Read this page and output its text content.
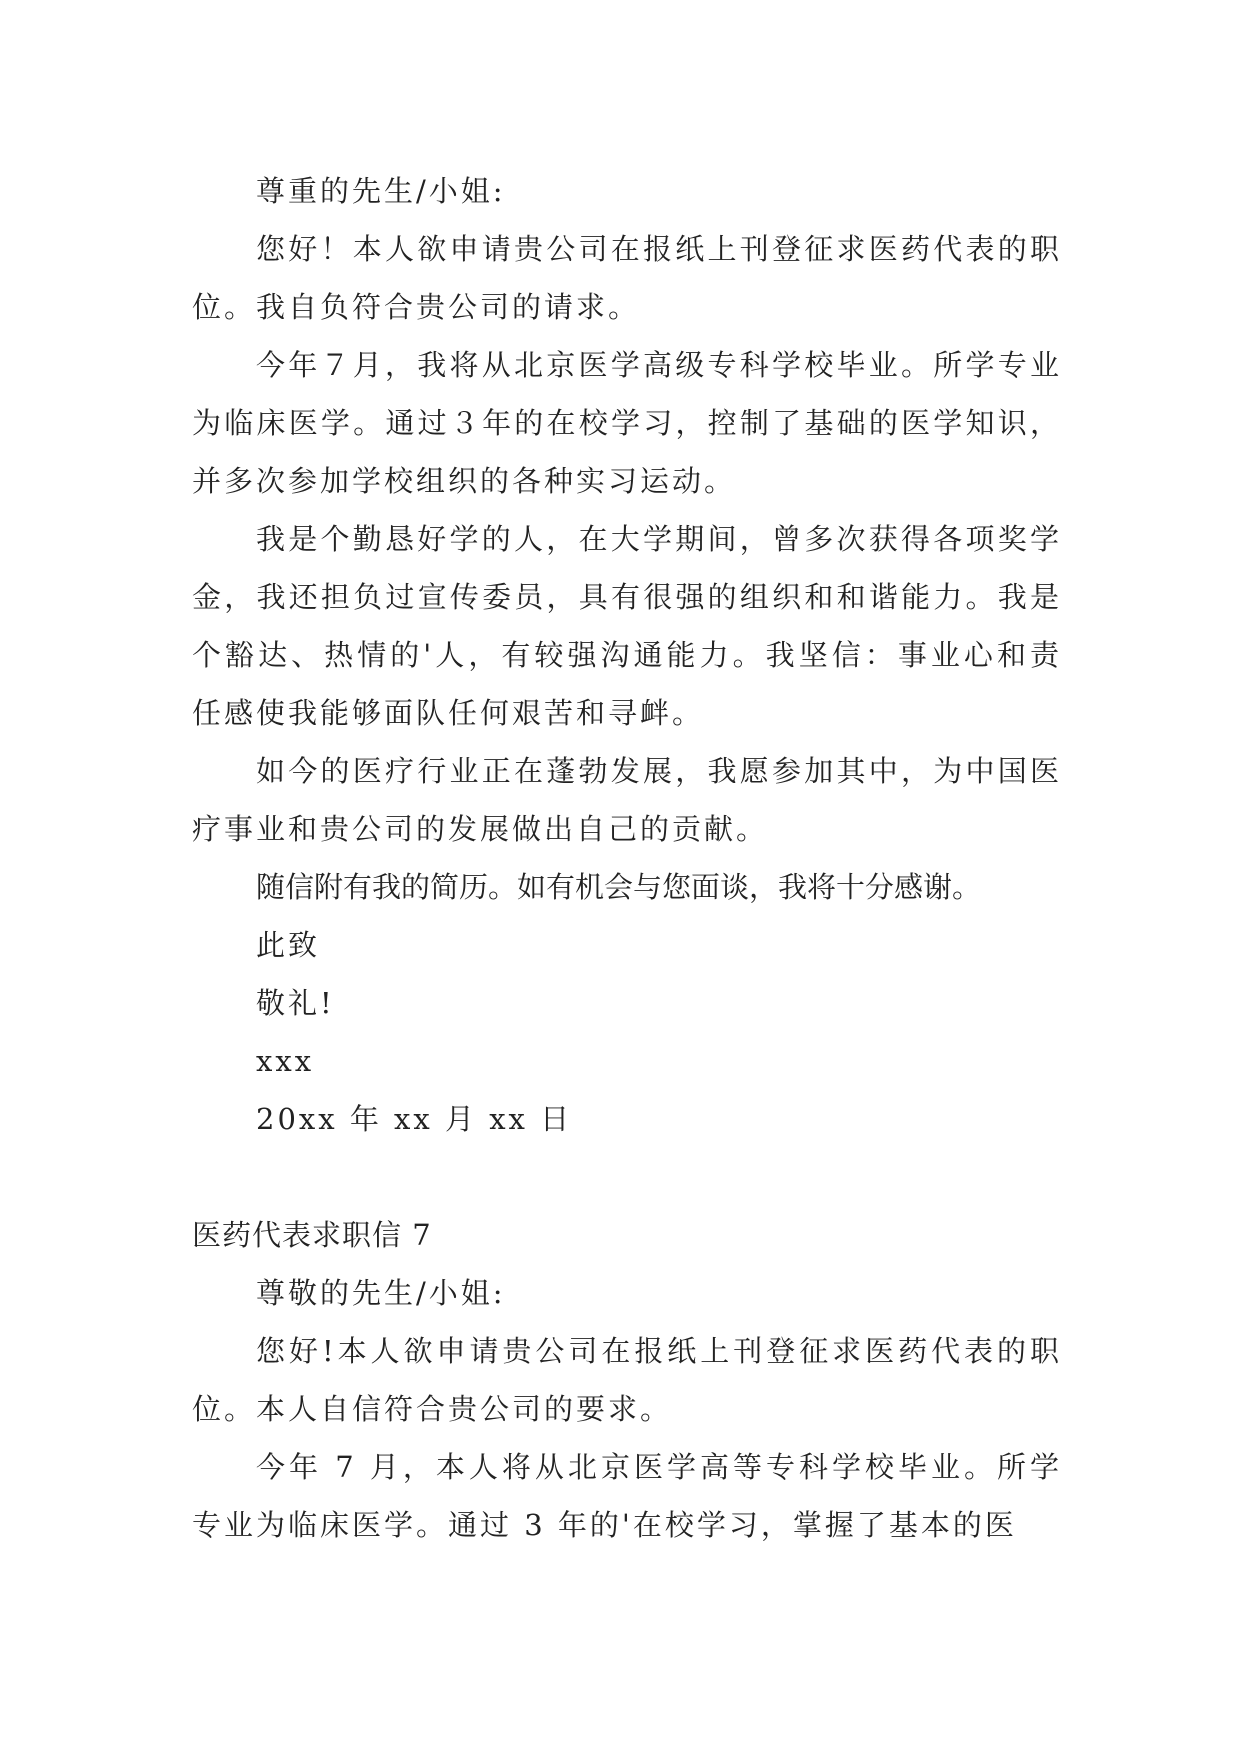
尊重的先生/小姐:

您好！本人欲申请贵公司在报纸上刊登征求医药代表的职位。我自负符合贵公司的请求。

今年７月，我将从北京医学高级专科学校毕业。所学专业为临床医学。通过３年的在校学习，控制了基础的医学知识，并多次参加学校组织的各种实习运动。

我是个勤恳好学的人，在大学期间，曾多次获得各项奖学金，我还担负过宣传委员，具有很强的组织和和谐能力。我是个豁达、热情的'人，有较强沟通能力。我坚信：事业心和责任感使我能够面队任何艰苦和寻衅。

如今的医疗行业正在蓬勃发展，我愿参加其中，为中国医疗事业和贵公司的发展做出自己的贡献。

随信附有我的简历。如有机会与您面谈，我将十分感谢。

此致

敬礼!

xxx

20xx 年 xx 月 xx 日

医药代表求职信 7

尊敬的先生/小姐:

您好!本人欲申请贵公司在报纸上刊登征求医药代表的职位。本人自信符合贵公司的要求。

今年 7 月，本人将从北京医学高等专科学校毕业。所学专业为临床医学。通过 3 年的'在校学习，掌握了基本的医
